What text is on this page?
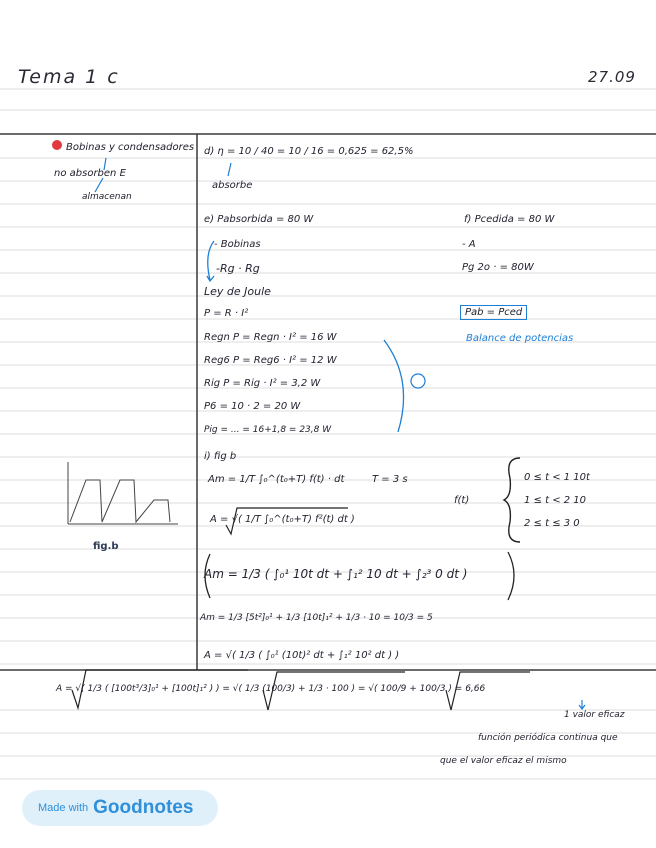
Tema 1 c	27.09
Bobinas y condensadores
no absorben E
almacenan
fig.b
d) η = 10 / 40 = 10 / 16 = 0,625 = 62,5%
absorbe
e) Pabsorbida = 80 W
- Bobinas
-Rg · Rg
Ley de Joule
P = R · I²
Regn P = Regn · I² = 16 W
Reg6 P = Reg6 · I² = 12 W
Rig P = Rig · I² = 3,2 W
P6 = 10 · 2 = 20 W
Pig = ... = 16+1,8 = 23,8 W
f) Pcedida = 80 W
- A
Pg 2o · = 80W
Pab = Pced
Balance de potencias
i) fig b
Am = 1/T ∫₀^(t₀+T) f(t) · dt	T = 3 s
A = √( 1/T ∫₀^(t₀+T) f²(t) dt )
f(t)
0 ≤ t < 1 10t
1 ≤ t < 2 10
2 ≤ t ≤ 3 0
Am = 1/3 ( ∫₀¹ 10t dt + ∫₁² 10 dt + ∫₂³ 0 dt )
Am = 1/3 [5t²]₀¹ + 1/3 [10t]₁² + 1/3 · 10 = 10/3 = 5
A = √( 1/3 ( ∫₀¹ (10t)² dt + ∫₁² 10² dt ) )
A = √( 1/3 ( [100t³/3]₀¹ + [100t]₁² ) ) = √( 1/3 (100/3) + 1/3 · 100 ) = √( 100/9 + 100/3 ) = 6,66
1 valor eficaz
función periódica continua que
que el valor eficaz el mismo
Made with Goodnotes
